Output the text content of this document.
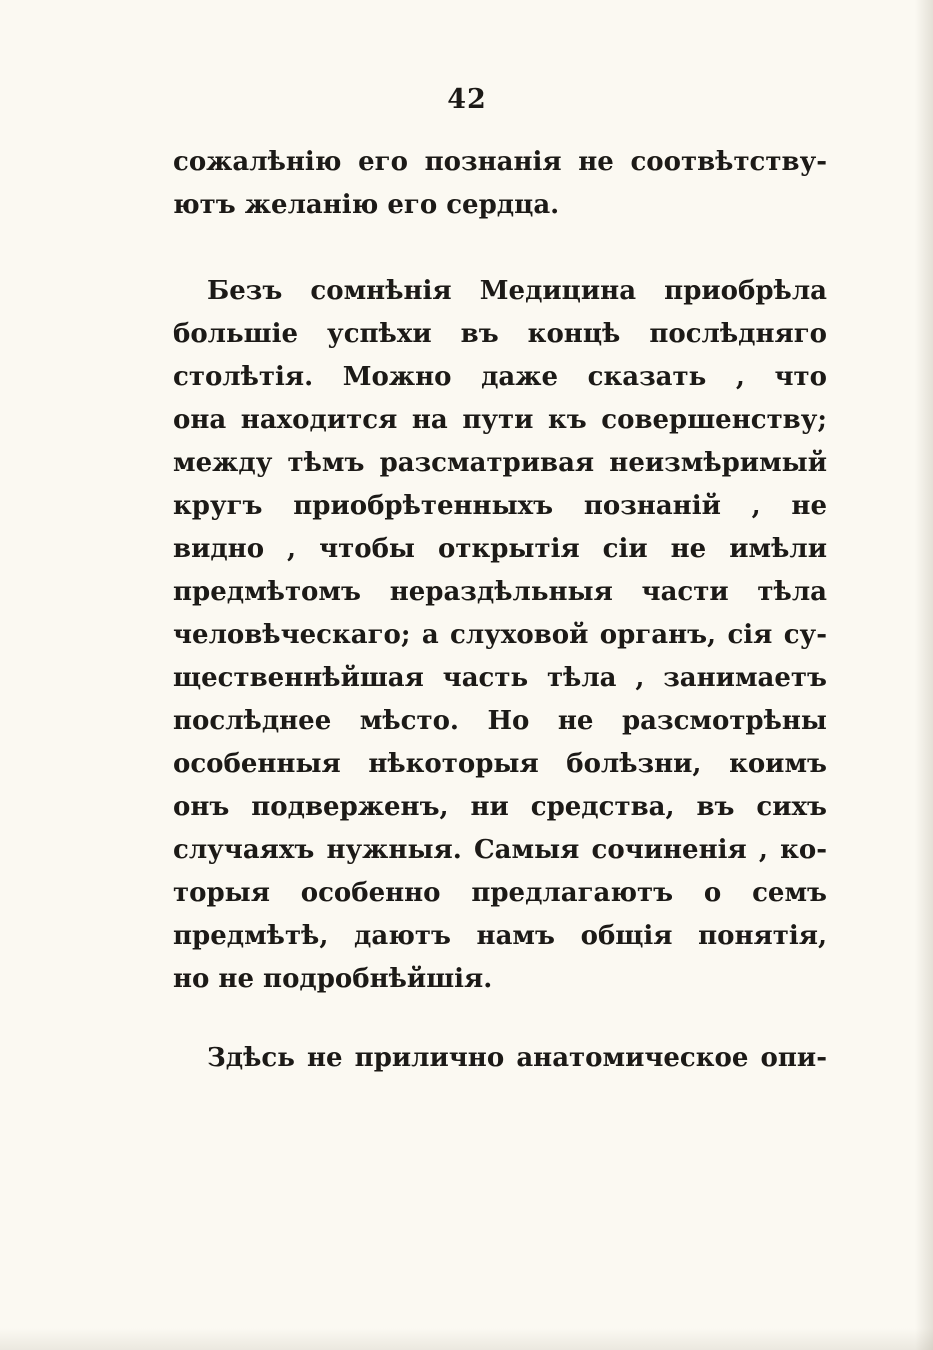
42
сожалѣнію его познанія не соотвѣтству-
ютъ желанію его сердца.
Безъ сомнѣнія Медицина приобрѣла
большіе успѣхи въ концѣ послѣдняго
столѣтія. Можно даже сказать , что
она находится на пути къ совершенству;
между тѣмъ разсматривая неизмѣримый
кругъ приобрѣтенныхъ познаній , не
видно , чтобы открытія сіи не имѣли
предмѣтомъ нераздѣльныя части тѣла
человѣческаго; а слуховой органъ, сія су-
щественнѣйшая часть тѣла , занимаетъ
послѣднее мѣсто. Но не разсмотрѣны
особенныя нѣкоторыя болѣзни, коимъ
онъ подверженъ, ни средства, въ сихъ
случаяхъ нужныя. Самыя сочиненія , ко-
торыя особенно предлагаютъ о семъ
предмѣтѣ, даютъ намъ общія понятія,
но не подробнѣйшія.
Здѣсь не прилично анатомическое опи-
